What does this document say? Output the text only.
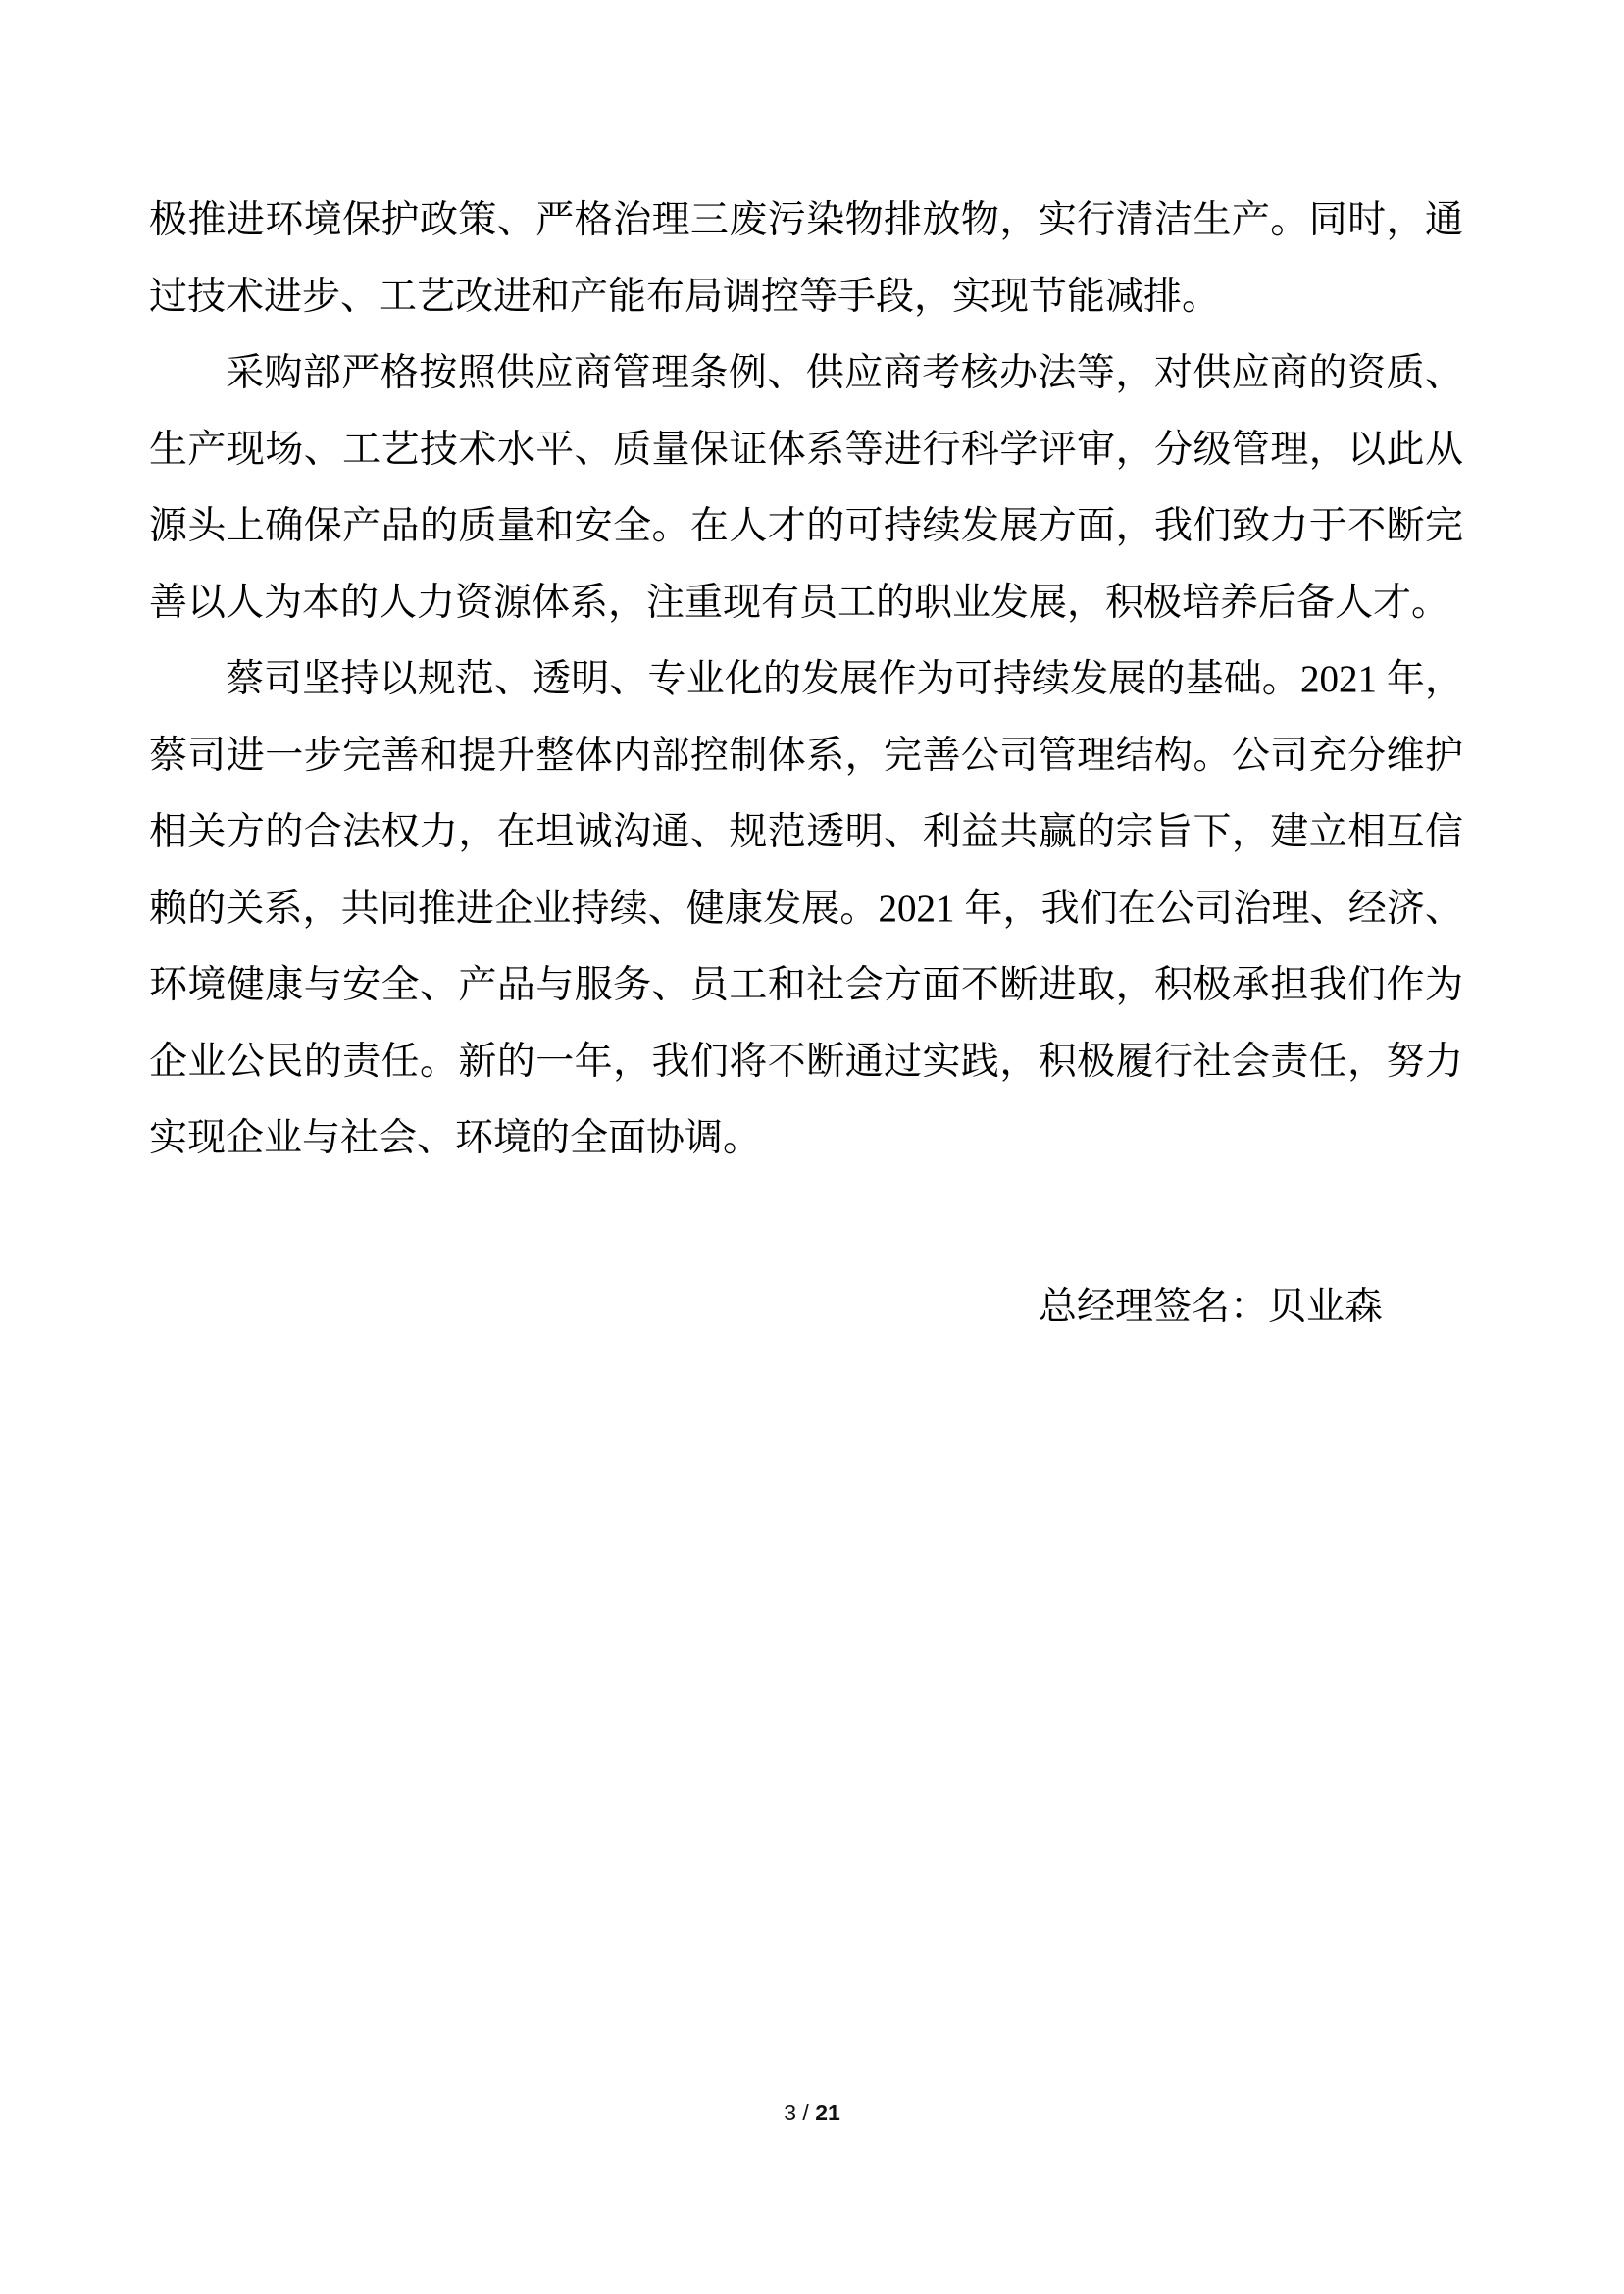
极推进环境保护政策、严格治理三废污染物排放物，实行清洁生产。同时，通
过技术进步、工艺改进和产能布局调控等手段，实现节能减排。
采购部严格按照供应商管理条例、供应商考核办法等，对供应商的资质、
生产现场、工艺技术水平、质量保证体系等进行科学评审，分级管理，以此从
源头上确保产品的质量和安全。在人才的可持续发展方面，我们致力于不断完
善以人为本的人力资源体系，注重现有员工的职业发展，积极培养后备人才。
蔡司坚持以规范、透明、专业化的发展作为可持续发展的基础。2021 年，
蔡司进一步完善和提升整体内部控制体系，完善公司管理结构。公司充分维护
相关方的合法权力，在坦诚沟通、规范透明、利益共赢的宗旨下，建立相互信
赖的关系，共同推进企业持续、健康发展。2021 年，我们在公司治理、经济、
环境健康与安全、产品与服务、员工和社会方面不断进取，积极承担我们作为
企业公民的责任。新的一年，我们将不断通过实践，积极履行社会责任，努力
实现企业与社会、环境的全面协调。
总经理签名：贝业森
3 / 21
